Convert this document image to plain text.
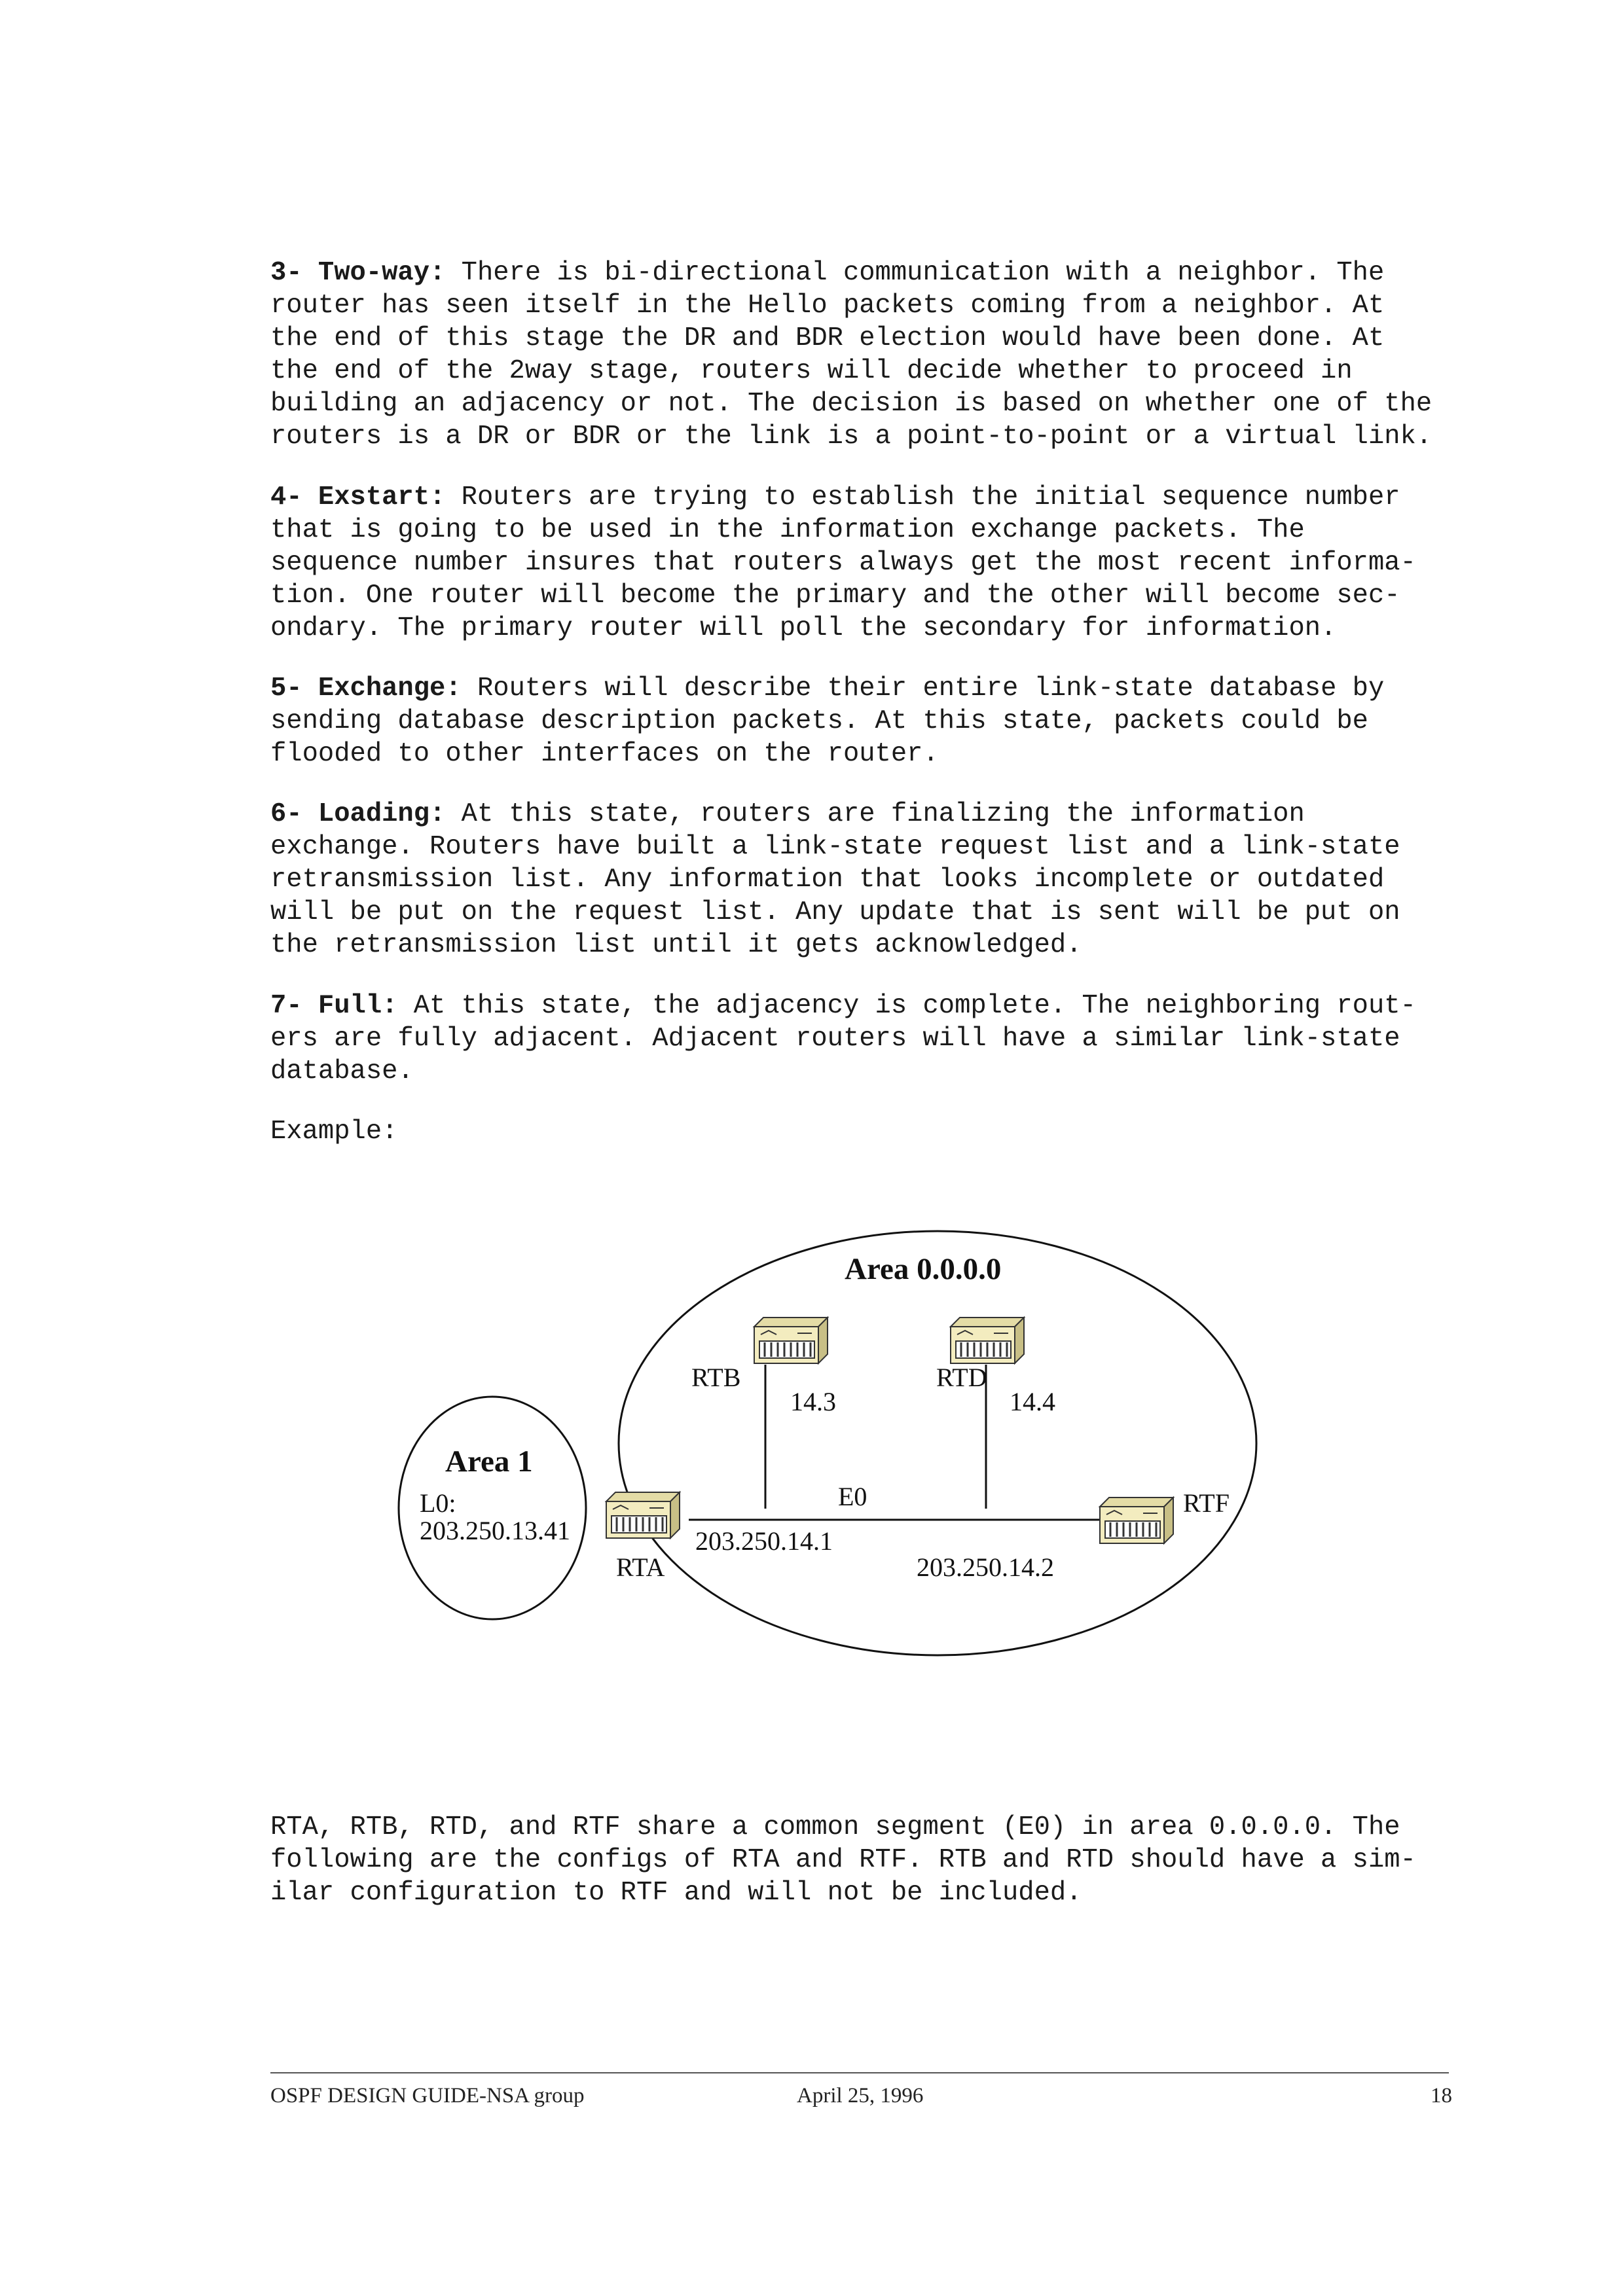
3- Two-way: There is bi-directional communication with a neighbor. The
router has seen itself in the Hello packets coming from a neighbor. At
the end of this stage the DR and BDR election would have been done. At
the end of the 2way stage, routers will decide whether to proceed in
building an adjacency or not. The decision is based on whether one of the
routers is a DR or BDR or the link is a point-to-point or a virtual link.
4- Exstart: Routers are trying to establish the initial sequence number
that is going to be used in the information exchange packets. The
sequence number insures that routers always get the most recent informa-
tion. One router will become the primary and the other will become sec-
ondary. The primary router will poll the secondary for information.
5- Exchange: Routers will describe their entire link-state database by
sending database description packets. At this state, packets could be
flooded to other interfaces on the router.
6- Loading: At this state, routers are finalizing the information
exchange. Routers have built a link-state request list and a link-state
retransmission list. Any information that looks incomplete or outdated
will be put on the request list. Any update that is sent will be put on
the retransmission list until it gets acknowledged.
7- Full: At this state, the adjacency is complete. The neighboring rout-
ers are fully adjacent. Adjacent routers will have a similar link-state
database.
Example:
Area 0.0.0.0
Area 1
L0:
203.250.13.41
RTB	RTD
14.3	14.4
E0	RTF
203.250.14.1
RTA	203.250.14.2
RTA, RTB, RTD, and RTF share a common segment (E0) in area 0.0.0.0. The
following are the configs of RTA and RTF. RTB and RTD should have a sim-
ilar configuration to RTF and will not be included.
OSPF DESIGN GUIDE-NSA group	April 25, 1996	18
